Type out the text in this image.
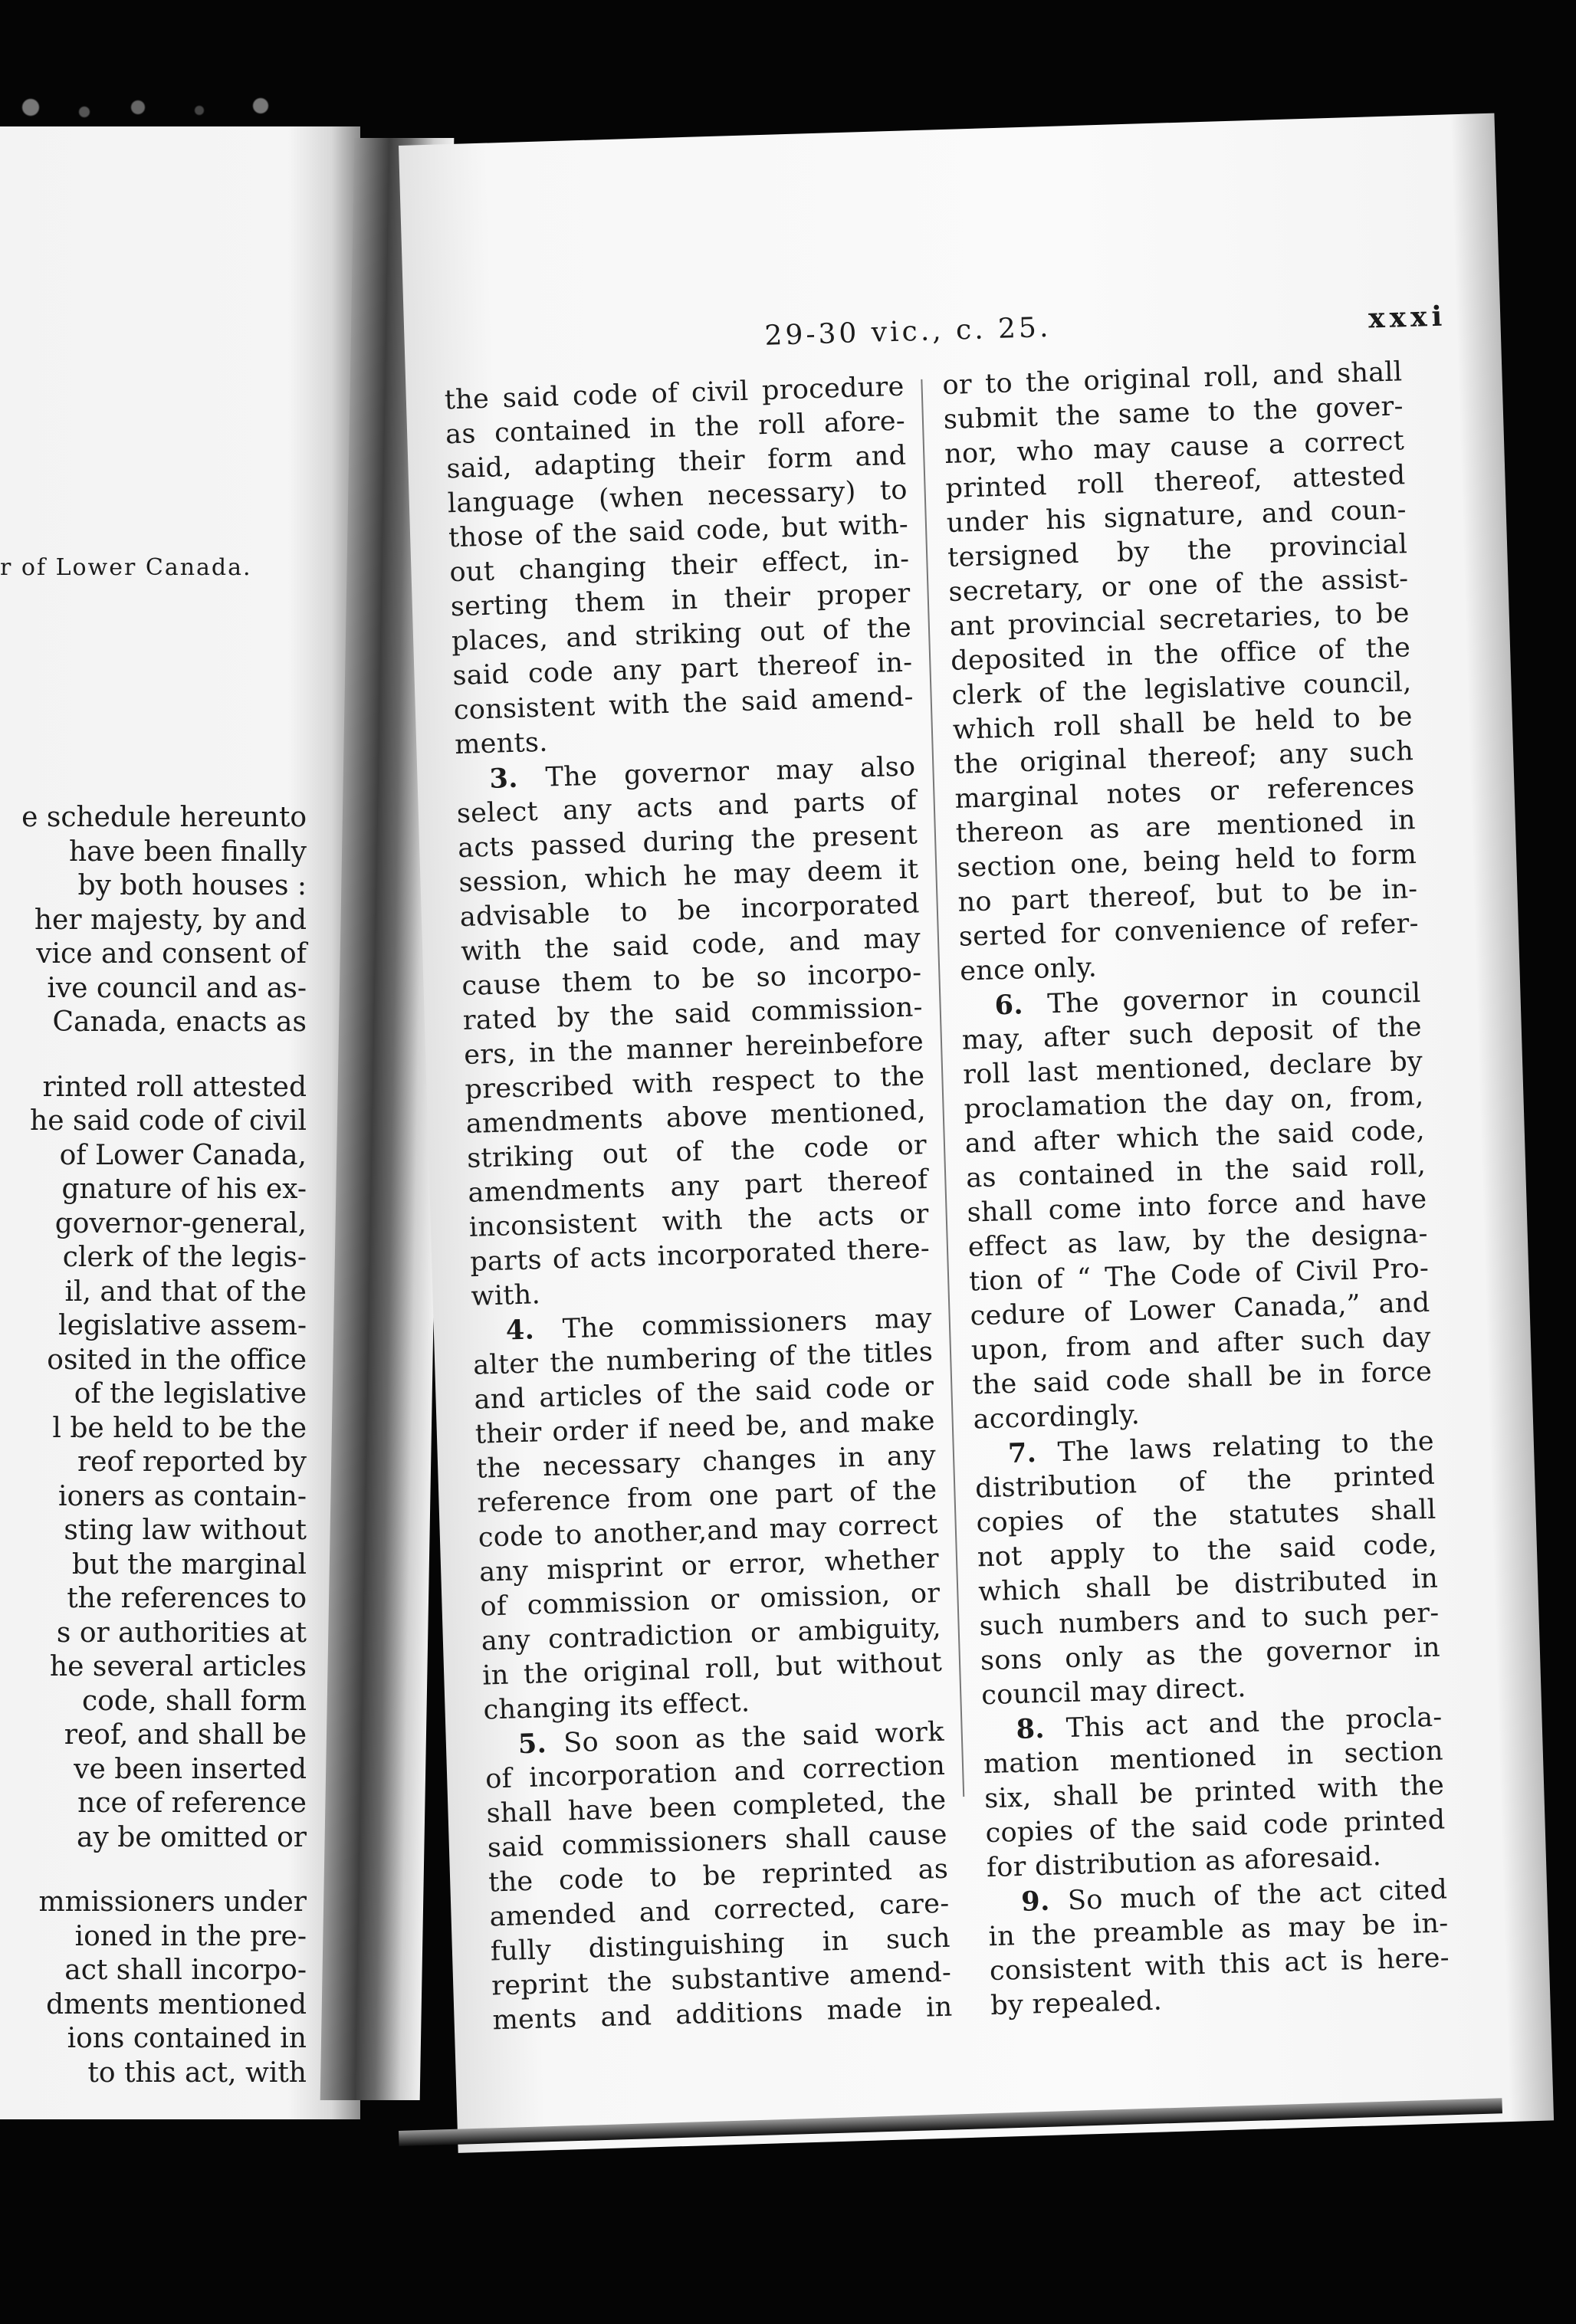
r of Lower Canada.
e schedule hereunto
have been finally
by both houses :
her majesty, by and
vice and consent of
ive council and as-
Canada, enacts as
rinted roll attested
he said code of civil
of Lower Canada,
gnature of his ex-
governor-general,
clerk of the legis-
il, and that of the
legislative assem-
osited in the office
of the legislative
l be held to be the
reof reported by
ioners as contain-
sting law without
but the marginal
the references to
s or authorities at
he several articles
code, shall form
reof, and shall be
ve been inserted
nce of reference
ay be omitted or
mmissioners under
ioned in the pre-
act shall incorpo-
dments mentioned
ions contained in
to this act, with
29-30 vic., c. 25.	xxxi
the said code of civil procedure
as contained in the roll afore-
said, adapting their form and
language (when necessary) to
those of the said code, but with-
out changing their effect, in-
serting them in their proper
places, and striking out of the
said code any part thereof in-
consistent with the said amend-
ments.
3. The governor may also
select any acts and parts of
acts passed during the present
session, which he may deem it
advisable to be incorporated
with the said code, and may
cause them to be so incorpo-
rated by the said commission-
ers, in the manner hereinbefore
prescribed with respect to the
amendments above mentioned,
striking out of the code or
amendments any part thereof
inconsistent with the acts or
parts of acts incorporated there-
with.
4. The commissioners may
alter the numbering of the titles
and articles of the said code or
their order if need be, and make
the necessary changes in any
reference from one part of the
code to another,and may correct
any misprint or error, whether
of commission or omission, or
any contradiction or ambiguity,
in the original roll, but without
changing its effect.
5. So soon as the said work
of incorporation and correction
shall have been completed, the
said commissioners shall cause
the code to be reprinted as
amended and corrected, care-
fully distinguishing in such
reprint the substantive amend-
ments and additions made in
or to the original roll, and shall
submit the same to the gover-
nor, who may cause a correct
printed roll thereof, attested
under his signature, and coun-
tersigned by the provincial
secretary, or one of the assist-
ant provincial secretaries, to be
deposited in the office of the
clerk of the legislative council,
which roll shall be held to be
the original thereof; any such
marginal notes or references
thereon as are mentioned in
section one, being held to form
no part thereof, but to be in-
serted for convenience of refer-
ence only.
6. The governor in council
may, after such deposit of the
roll last mentioned, declare by
proclamation the day on, from,
and after which the said code,
as contained in the said roll,
shall come into force and have
effect as law, by the designa-
tion of “ The Code of Civil Pro-
cedure of Lower Canada,” and
upon, from and after such day
the said code shall be in force
accordingly.
7. The laws relating to the
distribution of the printed
copies of the statutes shall
not apply to the said code,
which shall be distributed in
such numbers and to such per-
sons only as the governor in
council may direct.
8. This act and the procla-
mation mentioned in section
six, shall be printed with the
copies of the said code printed
for distribution as aforesaid.
9. So much of the act cited
in the preamble as may be in-
consistent with this act is here-
by repealed.
